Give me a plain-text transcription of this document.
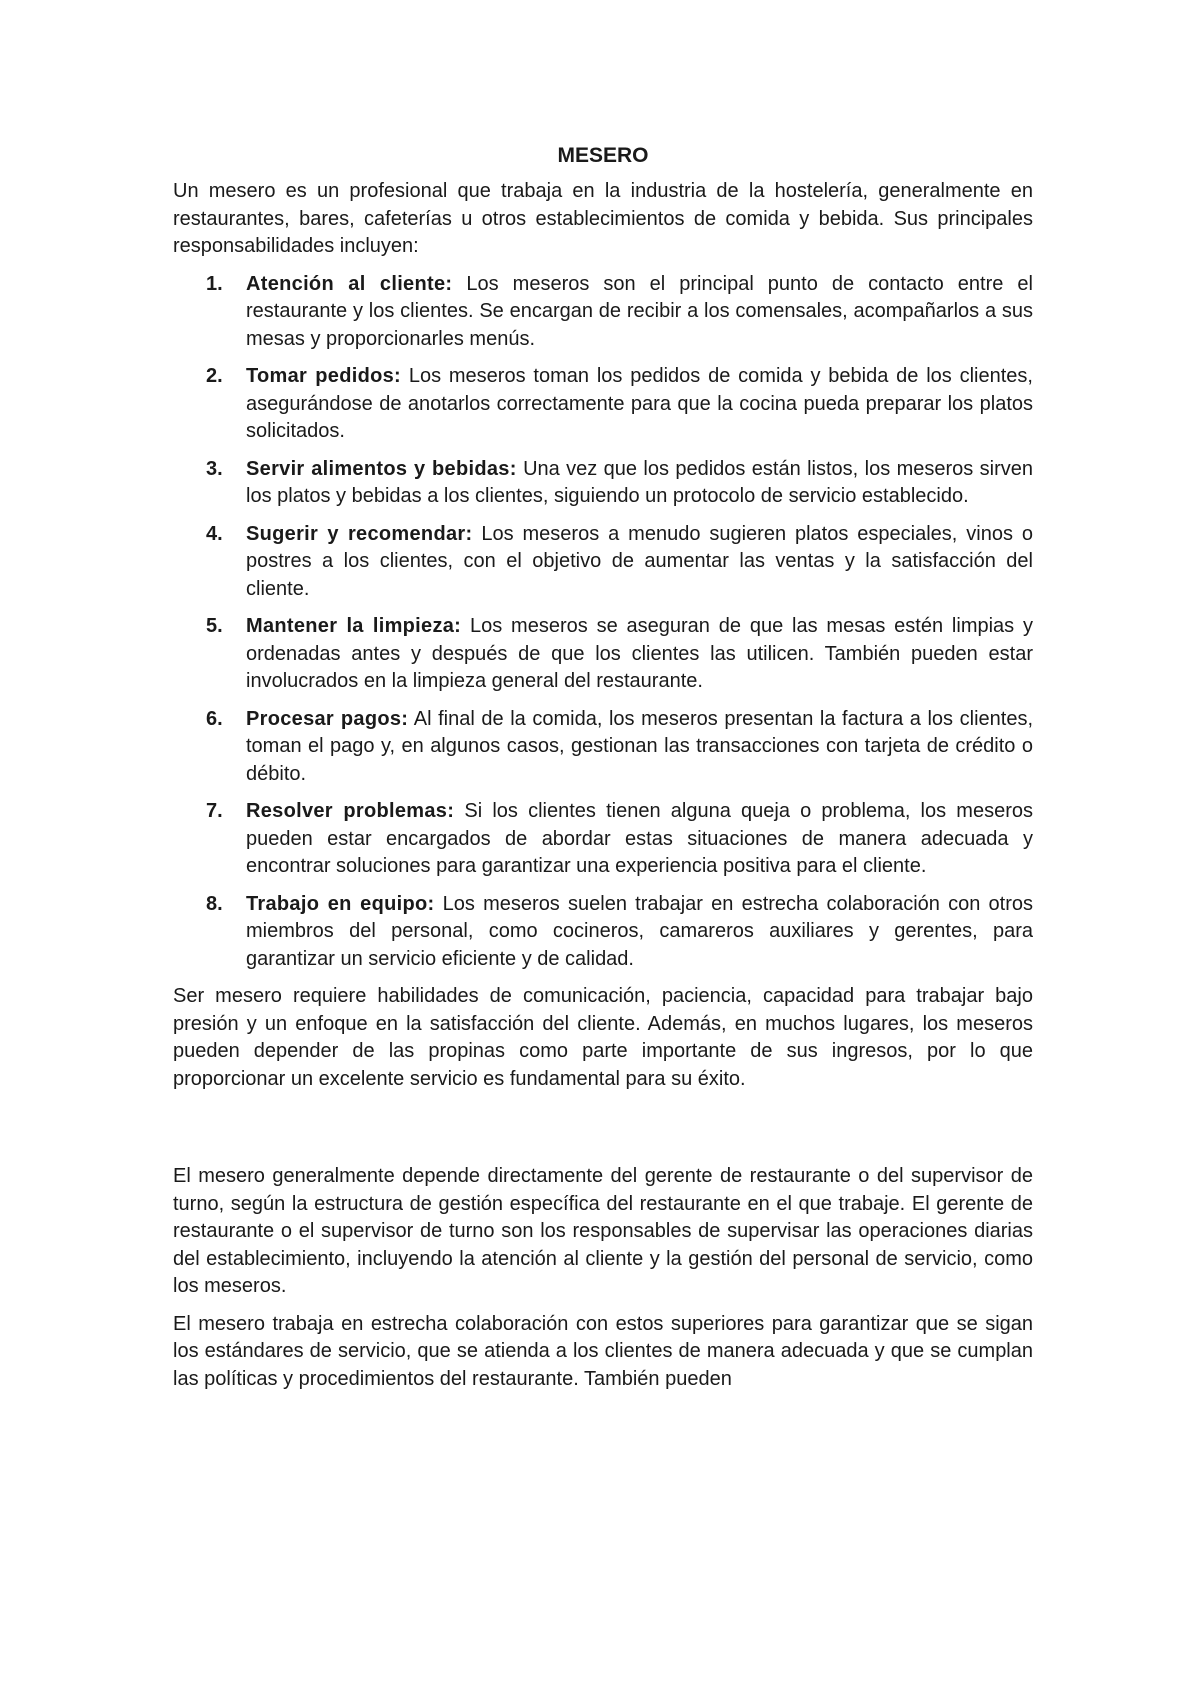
MESERO

Un mesero es un profesional que trabaja en la industria de la hostelería, generalmente en restaurantes, bares, cafeterías u otros establecimientos de comida y bebida. Sus principales responsabilidades incluyen:

1. Atención al cliente: Los meseros son el principal punto de contacto entre el restaurante y los clientes. Se encargan de recibir a los comensales, acompañarlos a sus mesas y proporcionarles menús.
2. Tomar pedidos: Los meseros toman los pedidos de comida y bebida de los clientes, asegurándose de anotarlos correctamente para que la cocina pueda preparar los platos solicitados.
3. Servir alimentos y bebidas: Una vez que los pedidos están listos, los meseros sirven los platos y bebidas a los clientes, siguiendo un protocolo de servicio establecido.
4. Sugerir y recomendar: Los meseros a menudo sugieren platos especiales, vinos o postres a los clientes, con el objetivo de aumentar las ventas y la satisfacción del cliente.
5. Mantener la limpieza: Los meseros se aseguran de que las mesas estén limpias y ordenadas antes y después de que los clientes las utilicen. También pueden estar involucrados en la limpieza general del restaurante.
6. Procesar pagos: Al final de la comida, los meseros presentan la factura a los clientes, toman el pago y, en algunos casos, gestionan las transacciones con tarjeta de crédito o débito.
7. Resolver problemas: Si los clientes tienen alguna queja o problema, los meseros pueden estar encargados de abordar estas situaciones de manera adecuada y encontrar soluciones para garantizar una experiencia positiva para el cliente.
8. Trabajo en equipo: Los meseros suelen trabajar en estrecha colaboración con otros miembros del personal, como cocineros, camareros auxiliares y gerentes, para garantizar un servicio eficiente y de calidad.

Ser mesero requiere habilidades de comunicación, paciencia, capacidad para trabajar bajo presión y un enfoque en la satisfacción del cliente. Además, en muchos lugares, los meseros pueden depender de las propinas como parte importante de sus ingresos, por lo que proporcionar un excelente servicio es fundamental para su éxito.

El mesero generalmente depende directamente del gerente de restaurante o del supervisor de turno, según la estructura de gestión específica del restaurante en el que trabaje. El gerente de restaurante o el supervisor de turno son los responsables de supervisar las operaciones diarias del establecimiento, incluyendo la atención al cliente y la gestión del personal de servicio, como los meseros.

El mesero trabaja en estrecha colaboración con estos superiores para garantizar que se sigan los estándares de servicio, que se atienda a los clientes de manera adecuada y que se cumplan las políticas y procedimientos del restaurante. También pueden
